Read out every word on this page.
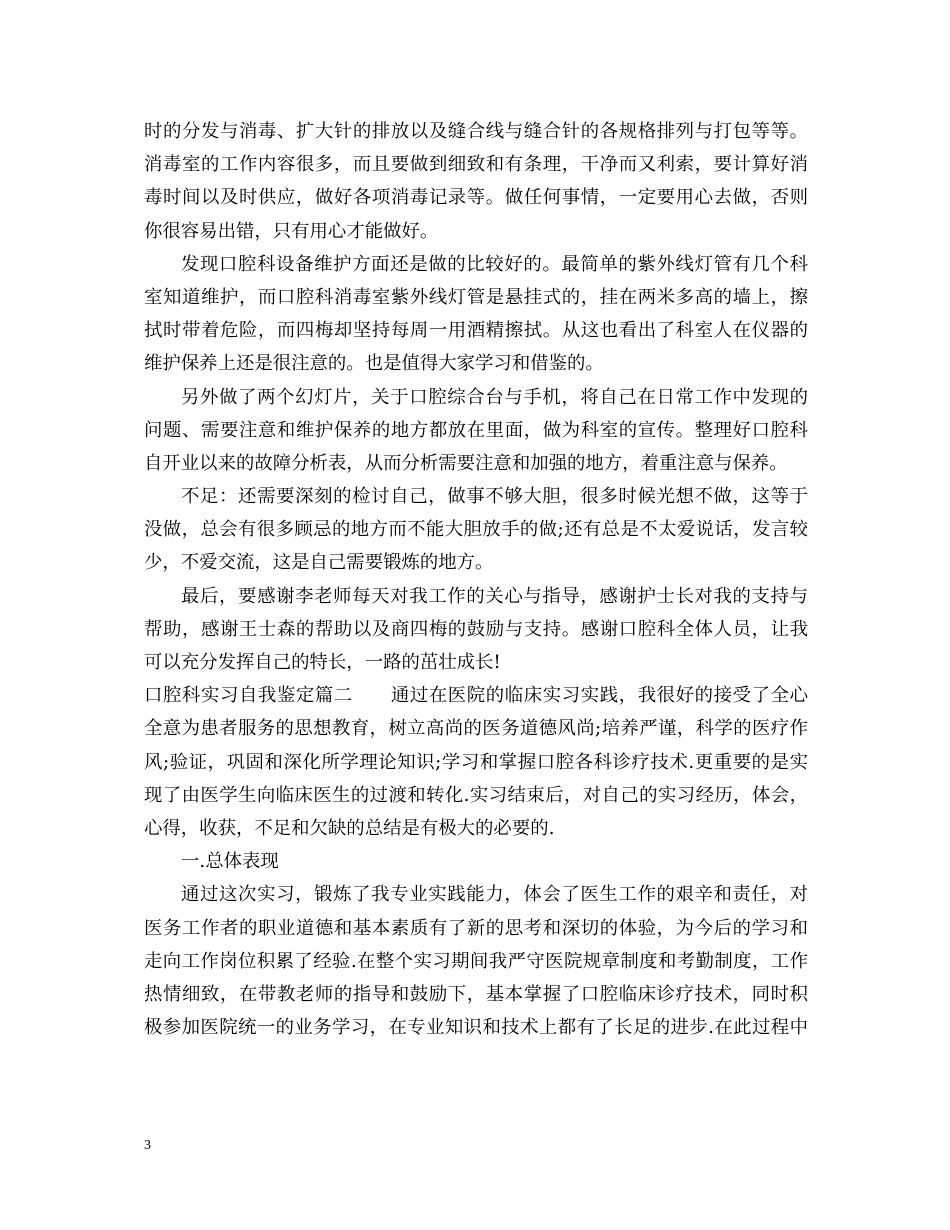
时的分发与消毒、扩大针的排放以及缝合线与缝合针的各规格排列与打包等等。
消毒室的工作内容很多，而且要做到细致和有条理，干净而又利索，要计算好消
毒时间以及时供应，做好各项消毒记录等。做任何事情，一定要用心去做，否则
你很容易出错，只有用心才能做好。
发现口腔科设备维护方面还是做的比较好的。最简单的紫外线灯管有几个科
室知道维护，而口腔科消毒室紫外线灯管是悬挂式的，挂在两米多高的墙上，擦
拭时带着危险，而四梅却坚持每周一用酒精擦拭。从这也看出了科室人在仪器的
维护保养上还是很注意的。也是值得大家学习和借鉴的。
另外做了两个幻灯片，关于口腔综合台与手机，将自己在日常工作中发现的
问题、需要注意和维护保养的地方都放在里面，做为科室的宣传。整理好口腔科
自开业以来的故障分析表，从而分析需要注意和加强的地方，着重注意与保养。
不足：还需要深刻的检讨自己，做事不够大胆，很多时候光想不做，这等于
没做，总会有很多顾忌的地方而不能大胆放手的做;还有总是不太爱说话，发言较
少，不爱交流，这是自己需要锻炼的地方。
最后，要感谢李老师每天对我工作的关心与指导，感谢护士长对我的支持与
帮助，感谢王士森的帮助以及商四梅的鼓励与支持。感谢口腔科全体人员，让我
可以充分发挥自己的特长，一路的茁壮成长!
口腔科实习自我鉴定篇二　　通过在医院的临床实习实践，我很好的接受了全心
全意为患者服务的思想教育，树立高尚的医务道德风尚;培养严谨，科学的医疗作
风;验证，巩固和深化所学理论知识;学习和掌握口腔各科诊疗技术.更重要的是实
现了由医学生向临床医生的过渡和转化.实习结束后，对自己的实习经历，体会，
心得，收获，不足和欠缺的总结是有极大的必要的.
一.总体表现
通过这次实习，锻炼了我专业实践能力，体会了医生工作的艰辛和责任，对
医务工作者的职业道德和基本素质有了新的思考和深切的体验，为今后的学习和
走向工作岗位积累了经验.在整个实习期间我严守医院规章制度和考勤制度，工作
热情细致，在带教老师的指导和鼓励下，基本掌握了口腔临床诊疗技术，同时积
极参加医院统一的业务学习，在专业知识和技术上都有了长足的进步.在此过程中
3
